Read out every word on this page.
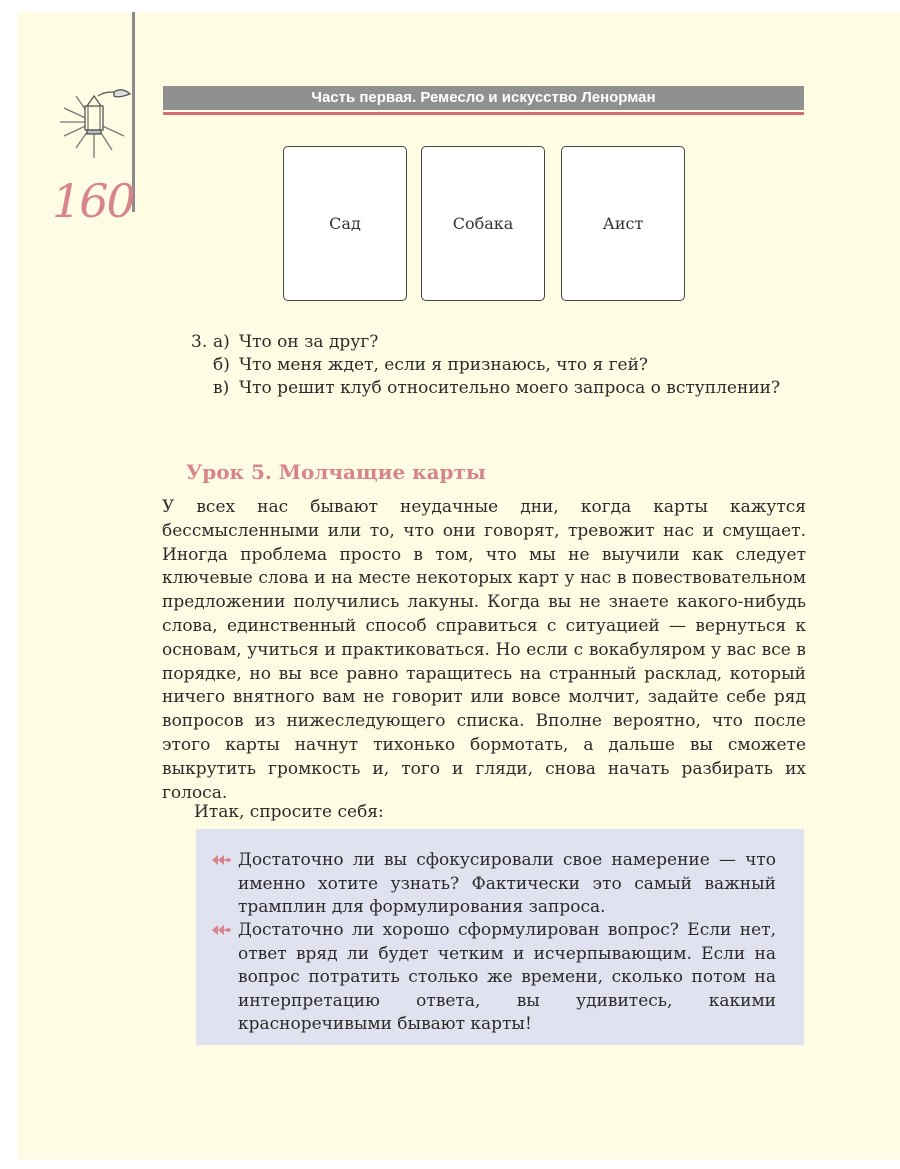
160
Часть первая. Ремесло и искусство Ленорман
Сад	Собака	Аист
3. а) Что он за друг?
б) Что меня ждет, если я признаюсь, что я гей?
в) Что решит клуб относительно моего запроса о вступлении?
Урок 5. Молчащие карты

У всех нас бывают неудачные дни, когда карты кажутся бессмысленными или то, что они говорят, тревожит нас и смущает. Иногда проблема просто в том, что мы не выучили как следует ключевые слова и на месте некоторых карт у нас в повествовательном предложении получились лакуны. Когда вы не знаете какого-нибудь слова, единственный способ справиться с ситуацией — вернуться к основам, учиться и практиковаться. Но если с вокабуляром у вас все в порядке, но вы все равно таращитесь на странный расклад, который ничего внятного вам не говорит или вовсе молчит, задайте себе ряд вопросов из нижеследующего списка. Вполне вероятно, что после этого карты начнут тихонько бормотать, а дальше вы сможете выкрутить громкость и, того и гляди, снова начать разбирать их голоса.

Итак, спросите себя:
Достаточно ли вы сфокусировали свое намерение — что именно хотите узнать? Фактически это самый важный трамплин для формулирования запроса.
Достаточно ли хорошо сформулирован вопрос? Если нет, ответ вряд ли будет четким и исчерпывающим. Если на вопрос потратить столько же времени, сколько потом на интерпретацию ответа, вы удивитесь, какими красноречивыми бывают карты!
